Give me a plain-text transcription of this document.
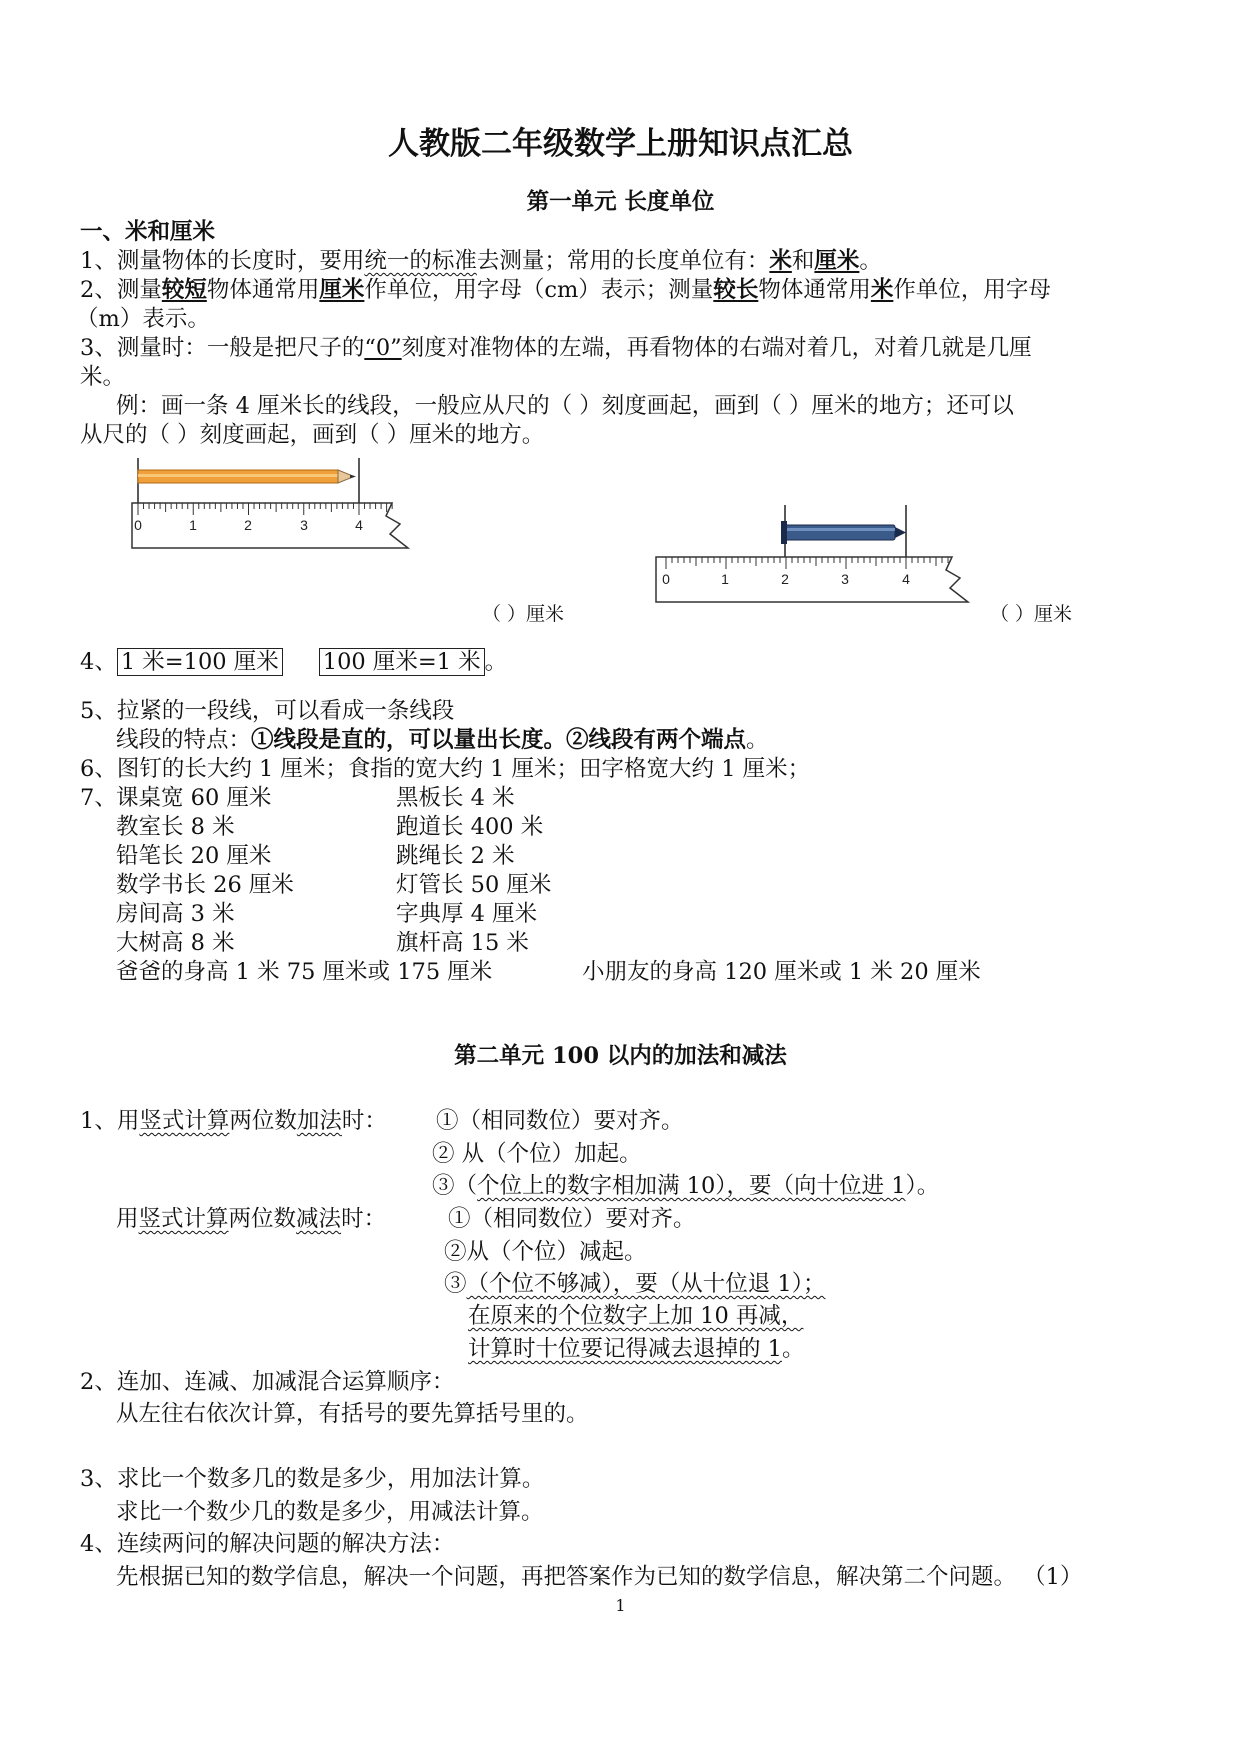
人教版二年级数学上册知识点汇总
第一单元 长度单位
一、米和厘米
1、测量物体的长度时，要用统一的标准去测量；常用的长度单位有：米和厘米。
2、测量较短物体通常用厘米作单位，用字母（cm）表示；测量较长物体通常用米作单位，用字母
（m）表示。
3、测量时：一般是把尺子的“0”刻度对准物体的左端，再看物体的右端对着几，对着几就是几厘
米。
例：画一条 4 厘米长的线段，一般应从尺的（ ）刻度画起，画到（ ）厘米的地方；还可以
从尺的（ ）刻度画起，画到（ ）厘米的地方。
0	1	2	3	4
（ ）厘米
0	1	2	3	4
（ ）厘米
4、 1 米=100 厘米 100 厘米=1 米 。
5、拉紧的一段线，可以看成一条线段
线段的特点：①线段是直的，可以量出长度。②线段有两个端点。
6、图钉的长大约 1 厘米；食指的宽大约 1 厘米；田字格宽大约 1 厘米；
7、 课桌宽 60 厘米	黑板长 4 米
教室长 8 米	跑道长 400 米
铅笔长 20 厘米	跳绳长 2 米
数学书长 26 厘米	灯管长 50 厘米
房间高 3 米	字典厚 4 厘米
大树高 8 米	旗杆高 15 米
爸爸的身高 1 米 75 厘米或 175 厘米	小朋友的身高 120 厘米或 1 米 20 厘米
第二单元 100 以内的加法和减法
1、用竖式计算两位数加法时： ①（相同数位）要对齐。
② 从（个位）加起。
③（个位上的数字相加满 10），要（向十位进 1）。
用竖式计算两位数减法时：	①（相同数位）要对齐。
②从（个位）减起。
③（个位不够减），要（从十位退 1）；
在原来的个位数字上加 10 再减，
计算时十位要记得减去退掉的 1。
2、连加、连减、加减混合运算顺序：
从左往右依次计算，有括号的要先算括号里的。
3、求比一个数多几的数是多少，用加法计算。
求比一个数少几的数是多少，用减法计算。
4、连续两问的解决问题的解决方法：
先根据已知的数学信息，解决一个问题，再把答案作为已知的数学信息，解决第二个问题。 （1）
1
